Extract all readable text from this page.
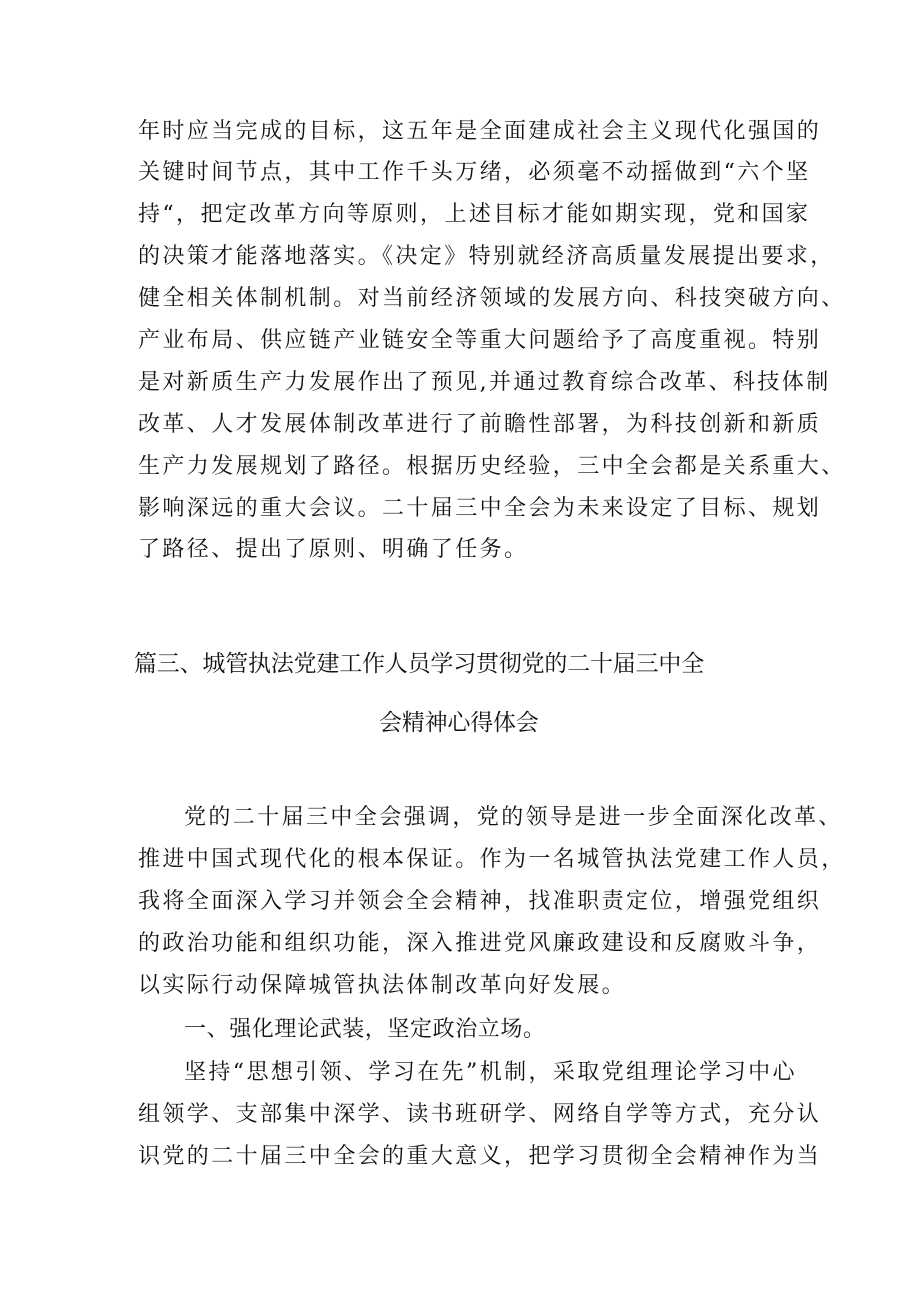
年时应当完成的目标，这五年是全面建成社会主义现代化强国的
关键时间节点，其中工作千头万绪，必须毫不动摇做到“六个坚
持“，把定改革方向等原则，上述目标才能如期实现，党和国家
的决策才能落地落实。《决定》特别就经济高质量发展提出要求，
健全相关体制机制。对当前经济领域的发展方向、科技突破方向、
产业布局、供应链产业链安全等重大问题给予了高度重视。特别
是对新质生产力发展作出了预见,并通过教育综合改革、科技体制
改革、人才发展体制改革进行了前瞻性部署，为科技创新和新质
生产力发展规划了路径。根据历史经验，三中全会都是关系重大、
影响深远的重大会议。二十届三中全会为未来设定了目标、规划
了路径、提出了原则、明确了任务。
篇三、城管执法党建工作人员学习贯彻党的二十届三中全
会精神心得体会
党的二十届三中全会强调，党的领导是进一步全面深化改革、
推进中国式现代化的根本保证。作为一名城管执法党建工作人员，
我将全面深入学习并领会全会精神，找准职责定位，增强党组织
的政治功能和组织功能，深入推进党风廉政建设和反腐败斗争，
以实际行动保障城管执法体制改革向好发展。
一、强化理论武装，坚定政治立场。
坚持“思想引领、学习在先”机制，采取党组理论学习中心
组领学、支部集中深学、读书班研学、网络自学等方式，充分认
识党的二十届三中全会的重大意义，把学习贯彻全会精神作为当
